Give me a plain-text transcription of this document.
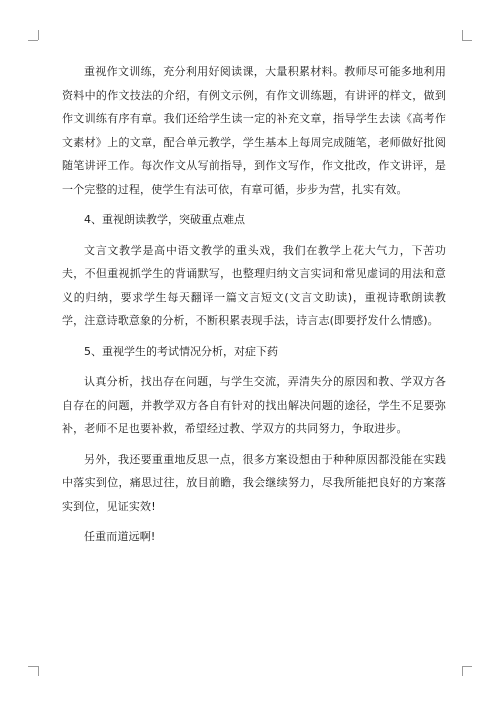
重视作文训练，充分利用好阅读课，大量积累材料。教师尽可能多地利用资料中的作文技法的介绍，有例文示例，有作文训练题，有讲评的样文，做到作文训练有序有章。我们还给学生读一定的补充文章，指导学生去读《高考作文素材》上的文章，配合单元教学，学生基本上每周完成随笔，老师做好批阅随笔讲评工作。每次作文从写前指导，到作文写作，作文批改，作文讲评，是一个完整的过程，使学生有法可依，有章可循，步步为营，扎实有效。

4、重视朗读教学，突破重点难点

文言文教学是高中语文教学的重头戏，我们在教学上花大气力，下苦功夫，不但重视抓学生的背诵默写，也整理归纳文言实词和常见虚词的用法和意义的归纳，要求学生每天翻译一篇文言短文(文言文助读)，重视诗歌朗读教学，注意诗歌意象的分析，不断积累表现手法，诗言志(即要抒发什么情感)。

5、重视学生的考试情况分析，对症下药

认真分析，找出存在问题，与学生交流，弄清失分的原因和教、学双方各自存在的问题，并教学双方各自有针对的找出解决问题的途径，学生不足要弥补，老师不足也要补救，希望经过教、学双方的共同努力，争取进步。

另外，我还要重重地反思一点，很多方案设想由于种种原因都没能在实践中落实到位，痛思过往，放目前瞻，我会继续努力，尽我所能把良好的方案落实到位，见证实效!

任重而道远啊!
